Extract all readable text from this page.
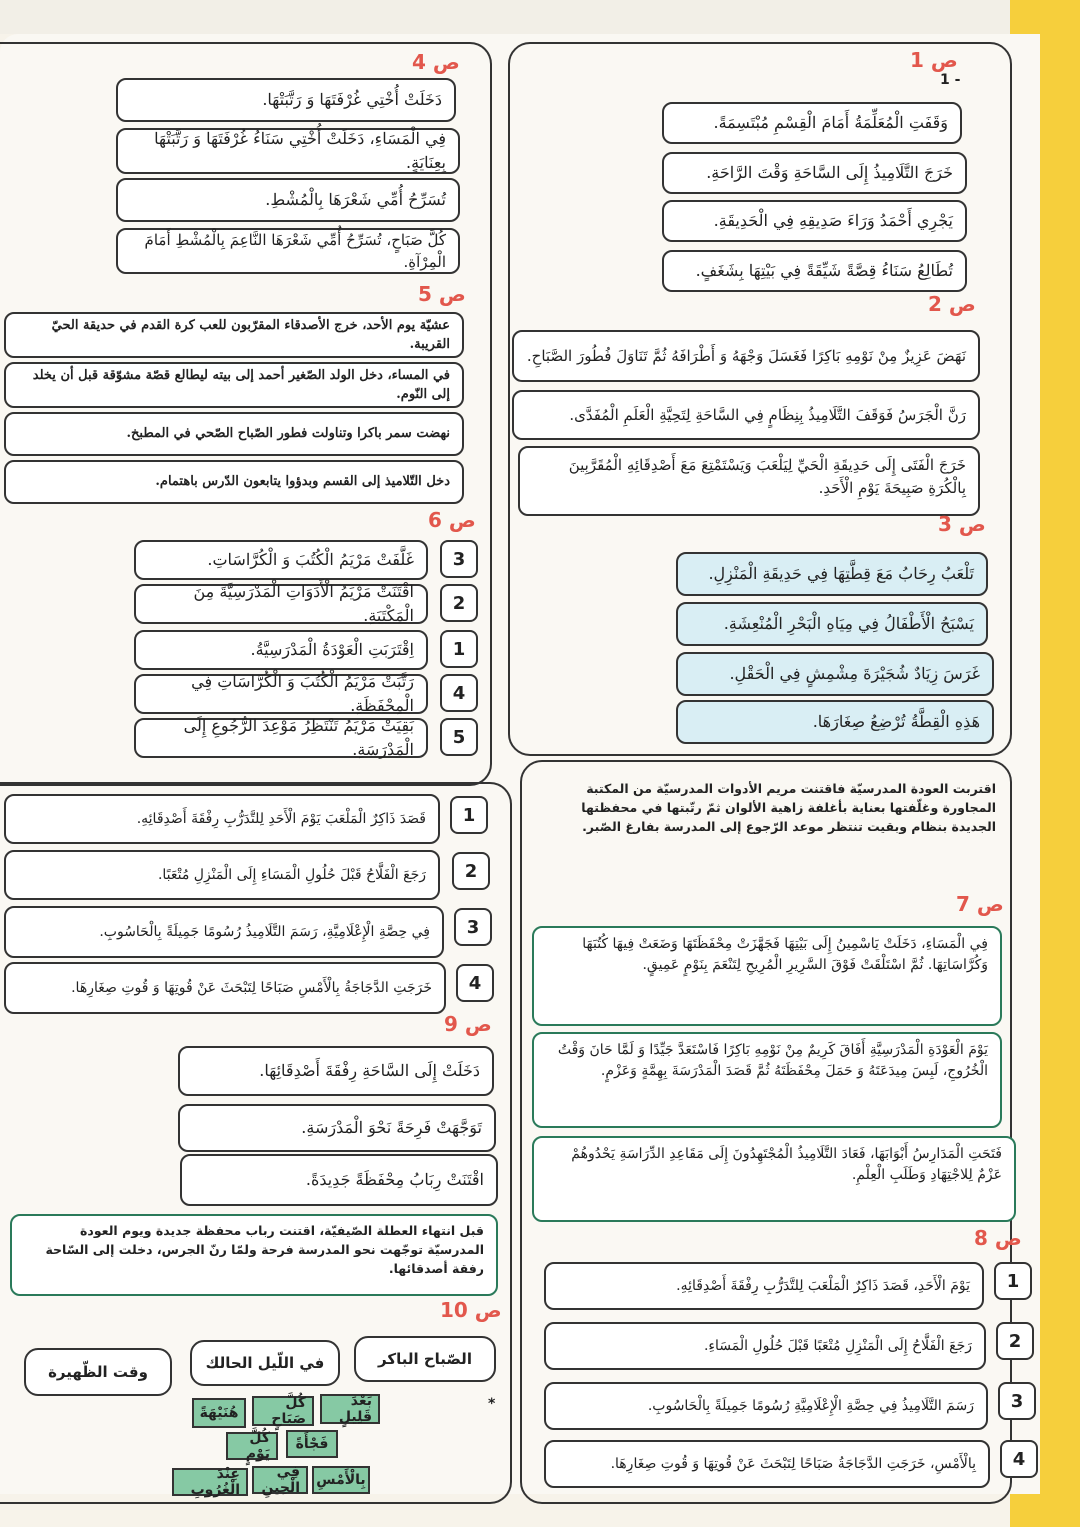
ص 1
1 -
وَقَفَتِ الْمُعَلِّمَةُ أَمَامَ الْقِسْمِ مُبْتَسِمَةً.
خَرَجَ التَّلَامِيذُ إِلَى السَّاحَةِ وَقْتَ الرَّاحَةِ.
يَجْرِي أَحْمَدُ وَرَاءَ صَدِيقِهِ فِي الْحَدِيقَةِ.
تُطَالِعُ سَنَاءُ قِصَّةً شَيِّقَةً فِي بَيْتِهَا بِشَغَفٍ.
ص 2
نَهَضَ عَزِيزٌ مِنْ نَوْمِهِ بَاكِرًا فَغَسَلَ وَجْهَهُ وَ أَطْرَافَهُ ثُمَّ تَنَاوَلَ فُطُورَ الصَّبَاحِ.
رَنَّ الْجَرَسُ فَوَقَفَ التَّلَامِيذُ بِنِظَامٍ فِي السَّاحَةِ لِتَحِيَّةِ الْعَلَمِ الْمُفَدَّى.
خَرَجَ الْفَتَى إِلَى حَدِيقَةِ الْحَيِّ لِيَلْعَبَ وَيَسْتَمْتِعَ مَعَ أَصْدِقَائِهِ الْمُقَرَّبِينَ بِالْكُرَةِ صَبِيحَةَ يَوْمِ الْأَحَدِ.
ص 3
تَلْعَبُ رِحَابُ مَعَ قِطَّتِهَا فِي حَدِيقَةِ الْمَنْزِلِ.
يَسْبَحُ الْأَطْفَالُ فِي مِيَاهِ الْبَحْرِ الْمُنْعِشَةِ.
غَرَسَ زِيَادٌ شُجَيْرَةَ مِشْمِشٍ فِي الْحَقْلِ.
هَذِهِ الْقِطَّةُ تُرْضِعُ صِغَارَهَا.
ص 4
دَخَلَتْ أُخْتِي غُرْفَتَهَا وَ رَتَّبَتْهَا.
فِي الْمَسَاءِ، دَخَلَتْ أُخْتِي سَنَاءُ غُرْفَتَهَا وَ رَتَّبَتْهَا بِعِنَايَةٍ.
تُسَرِّحُ أُمِّي شَعْرَهَا بِالْمُشْطِ.
كُلَّ صَبَاحٍ، تُسَرِّحُ أُمِّي شَعْرَهَا النَّاعِمَ بِالْمُشْطِ أَمَامَ الْمِرْآةِ.
ص 5
عشيّة يوم الأحد، خرج الأصدقاء المقرّبون للعب كرة القدم في حديقة الحيّ القريبة.
في المساء، دخل الولد الصّغير أحمد إلى بيته ليطالع قصّة مشوّقة قبل أن يخلد إلى النّوم.
نهضت سمر باكرا وتناولت فطور الصّباح الصّحي في المطبخ.
دخل التّلاميذ إلى القسم وبدؤوا يتابعون الدّرس باهتمام.
ص 6
3
غَلَّفَتْ مَرْيَمُ الْكُتُبَ وَ الْكُرَّاسَاتِ.
2
اقْتَنَتْ مَرْيَمُ الْأَدَوَاتِ الْمَدْرَسِيَّةَ مِنَ الْمَكْتَبَةِ.
1
اِقْتَرَبَتِ الْعَوْدَةُ الْمَدْرَسِيَّةُ.
4
رَتَّبَتْ مَرْيَمُ الْكُتُبَ وَ الْكُرَّاسَاتِ فِي الْمِحْفَظَةِ.
5
بَقِيَتْ مَرْيَمُ تَنْتَظِرُ مَوْعِدَ الرُّجُوعِ إِلَى الْمَدْرَسَةِ.
اقتربت العودة المدرسيّة فاقتنت مريم الأدوات المدرسيّة من المكتبة المجاورة وغلّفتها بعناية بأغلفة زاهية الألوان ثمّ رتّبتها في محفظتها الجديدة بنظام وبقيت تنتظر موعد الرّجوع إلى المدرسة بفارغ الصّبر.
ص 7
فِي الْمَسَاءِ، دَخَلَتْ يَاسْمِينُ إِلَى بَيْتِهَا فَجَهَّزَتْ مِحْفَظَتَهَا وَضَعَتْ فِيهَا كُتُبَهَا وَكُرَّاسَاتِهَا. ثُمَّ اسْتَلْقَتْ فَوْقَ السَّرِيرِ الْمُرِيحِ لِتَنْعَمَ بِنَوْمٍ عَمِيقٍ.
يَوْمَ الْعَوْدَةِ الْمَدْرَسِيَّةِ أَفَاقَ كَرِيمٌ مِنْ نَوْمِهِ بَاكِرًا فَاسْتَعَدَّ جَيِّدًا وَ لَمَّا حَانَ وَقْتُ الْخُرُوجِ، لَبِسَ مِيدَعَتَهُ وَ حَمَلَ مِحْفَظَتَهُ ثُمَّ قَصَدَ الْمَدْرَسَةَ بِهِمَّةٍ وَعَزْمٍ.
فَتَحَتِ الْمَدَارِسُ أَبْوَابَهَا، فَعَادَ التَّلَامِيذُ الْمُجْتَهِدُونَ إِلَى مَقَاعِدِ الدِّرَاسَةِ يَحْدُوهُمْ عَزْمٌ لِلاجْتِهَادِ وَطَلَبِ الْعِلْمِ.
ص 8
1
يَوْمَ الْأَحَدِ، قَصَدَ ذَاكِرٌ الْمَلْعَبَ لِلتَّدَرُّبِ رِفْقَةَ أَصْدِقَائِهِ.
2
رَجَعَ الْفَلَّاحُ إِلَى الْمَنْزِلِ مُتْعَبًا قَبْلَ حُلُولِ الْمَسَاءِ.
3
رَسَمَ التَّلَامِيذُ فِي حِصَّةِ الْإِعْلَامِيَّةِ رُسُومًا جَمِيلَةً بِالْحَاسُوبِ.
4
بِالْأَمْسِ، خَرَجَتِ الدَّجَاجَةُ صَبَاحًا لِتَبْحَثَ عَنْ قُوتِهَا وَ قُوتِ صِغَارِهَا.
1
قَصَدَ ذَاكِرٌ الْمَلْعَبَ يَوْمَ الْأَحَدِ لِلتَّدَرُّبِ رِفْقَةَ أَصْدِقَائِهِ.
2
رَجَعَ الْفَلَّاحُ قَبْلَ حُلُولِ الْمَسَاءِ إِلَى الْمَنْزِلِ مُتْعَبًا.
3
فِي حِصَّةِ الْإِعْلَامِيَّةِ، رَسَمَ التَّلَامِيذُ رُسُومًا جَمِيلَةً بِالْحَاسُوبِ.
4
خَرَجَتِ الدَّجَاجَةُ بِالْأَمْسِ صَبَاحًا لِتَبْحَثَ عَنْ قُوتِهَا وَ قُوتِ صِغَارِهَا.
ص 9
دَخَلَتْ إِلَى السَّاحَةِ رِفْقَةَ أَصْدِقَائِهَا.
تَوَجَّهَتْ فَرِحَةً نَحْوَ الْمَدْرَسَةِ.
اقْتَنَتْ رِبَابُ مِحْفَظَةً جَدِيدَةً.
قبل انتهاء العطلة الصّيفيّة، اقتنت رباب محفظة جديدة ويوم العودة المدرسيّة توجّهت نحو المدرسة فرحة ولمّا رنّ الجرس، دخلت إلى السّاحة رفقة أصدقائها.
ص 10
الصّباح الباكر
في اللّيل الحالك
وقت الظّهيرة
*
بَعْدَ قَلِيلٍ
كُلَّ صَبَاحٍ
هُنَيْهَةً
كُلَّ يَوْمٍ
فَجْأَةً
بِالْأَمْسِ
فِي الْحِينِ
عِنْدَ الْغُرُوبِ
